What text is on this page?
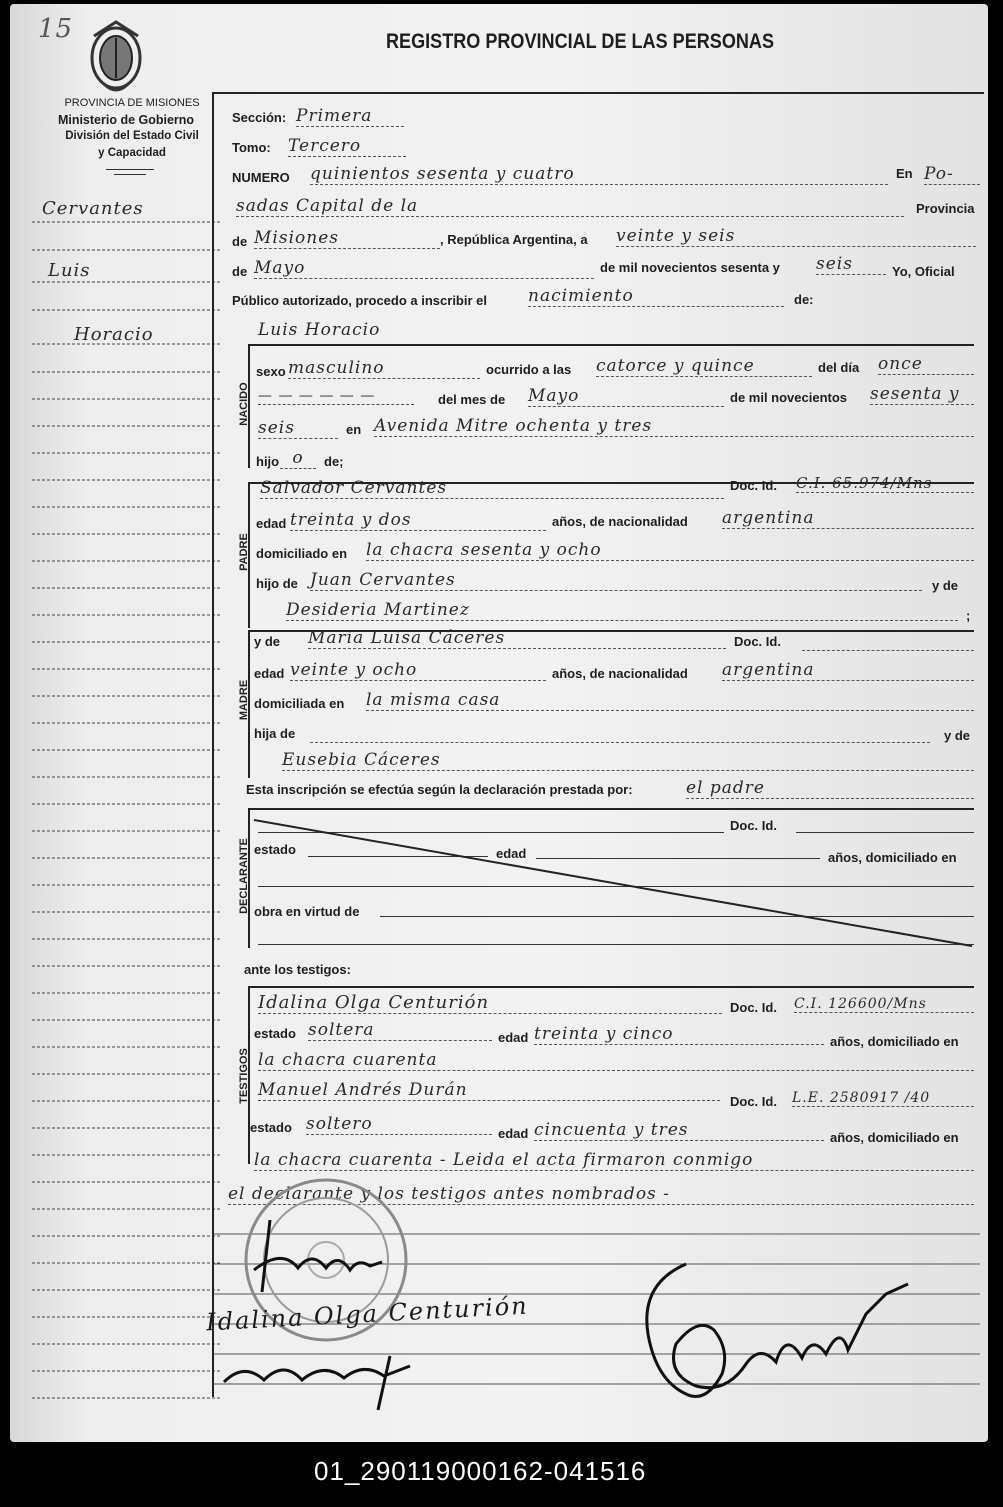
15	REGISTRO PROVINCIAL DE LAS PERSONAS
PROVINCIA DE MISIONES
Ministerio de Gobierno
División del Estado Civil
y Capacidad
Cervantes
Luis
Horacio
Sección: Primera
Tomo: Tercero
NUMERO quinientos sesenta y cuatro	En Po-
sadas Capital de la	Provincia
de Misiones	, República Argentina, a veinte y seis
de Mayo	de mil novecientos sesenta y seis	Yo, Oficial
Público autorizado, procedo a inscribir el nacimiento	de:
NACIDO
Luis Horacio
sexo masculino	ocurrido a las catorce y quince	del día once
— — — — — —	del mes de Mayo	de mil novecientos sesenta y
seis	en Avenida Mitre ochenta y tres
hijo o	de;
PADRE
Salvador Cervantes	Doc. Id. C.I. 65.974/Mns
edad treinta y dos	años, de nacionalidad argentina
domiciliado en la chacra sesenta y ocho
hijo de Juan Cervantes	y de
Desideria Martinez	;
MADRE
y de Maria Luisa Cáceres	Doc. Id.
edad veinte y ocho	años, de nacionalidad argentina
domiciliada en la misma casa
hija de	y de
Eusebia Cáceres
Esta inscripción se efectúa según la declaración prestada por:	el padre
DECLARANTE
Doc. Id.
estado	edad	años, domiciliado en
obra en virtud de
ante los testigos:
TESTIGOS
Idalina Olga Centurión	Doc. Id. C.I. 126600/Mns
estado soltera	edad treinta y cinco	años, domiciliado en
la chacra cuarenta
Manuel Andrés Durán
Doc. Id. L.E. 2580917 /40
estado soltero	edad cincuenta y tres	años, domiciliado en
la chacra cuarenta - Leida el acta firmaron conmigo
el declarante y los testigos antes nombrados -
Idalina Olga Centurión
01_290119000162-041516
